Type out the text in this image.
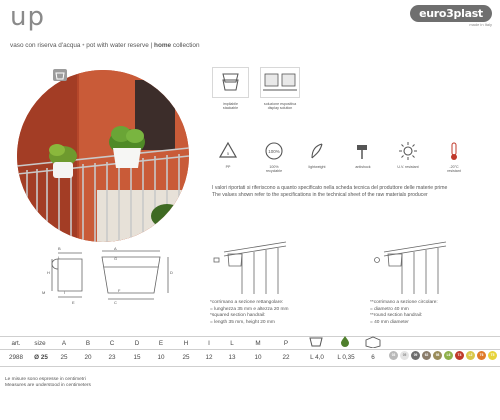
up
vaso con riserva d'acqua • pot with water reserve | home collection
euro3plast
made in Italy
impilabile
stackable
soluzione espositiva
display solution
5
PP
100%
100%
recyclable
lightweight	antishock	U.V. resistant	-20°C
resistant
I valori riportati si riferiscono a quanto specificato nella scheda tecnica del produttore delle materie prime
The values shown refer to the specifications in the technical sheet of the raw materials producer
B
L
H
A
G
D
E
I
M
C
F
*corrimano a sezione rettangolare:
= lunghezza 35 mm e altezza 20 mm
*squared section handrail:
= length 35 mm, height 20 mm
**corrimano a sezione circolare:
= diametro 40 mm
**round section handrail:
= 40 mm diameter
art.	size	A	B	C	D	E	H	I	L	M	P
2988	Ø 25	25	20	23	15	10	25	12	13	10	22	L 4,0	L 0,35	6	03	05	09	62	98	L6	T4	L2	T6	T5
Le misure sono espresse in centimetri
Measures are understood in centimeters
